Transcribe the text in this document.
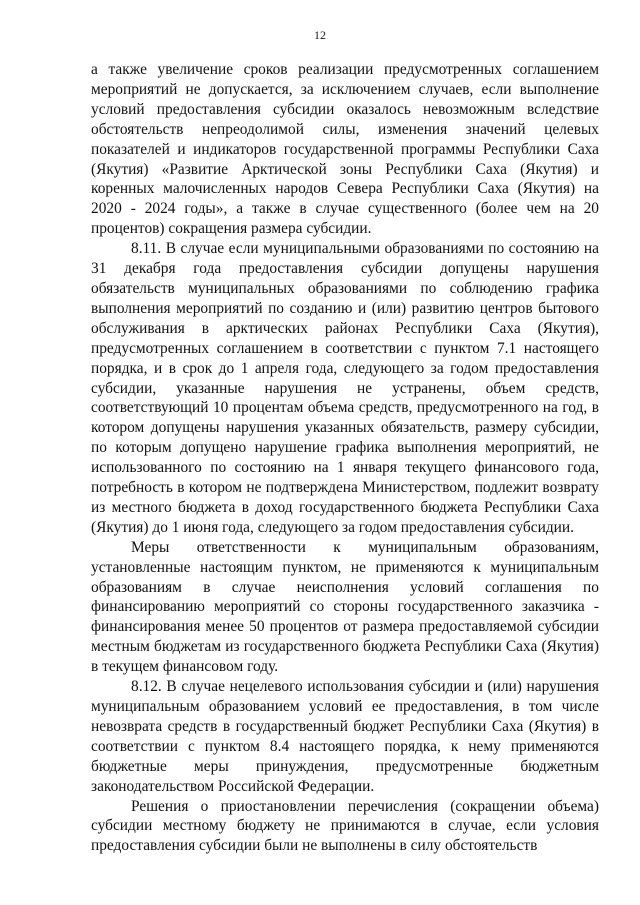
12

а также увеличение сроков реализации предусмотренных соглашением мероприятий не допускается, за исключением случаев, если выполнение условий предоставления субсидии оказалось невозможным вследствие обстоятельств непреодолимой силы, изменения значений целевых показателей и индикаторов государственной программы Республики Саха (Якутия) «Развитие Арктической зоны Республики Саха (Якутия) и коренных малочисленных народов Севера Республики Саха (Якутия) на 2020 - 2024 годы», а также в случае существенного (более чем на 20 процентов) сокращения размера субсидии.

8.11. В случае если муниципальными образованиями по состоянию на 31 декабря года предоставления субсидии допущены нарушения обязательств муниципальных образованиями по соблюдению графика выполнения мероприятий по созданию и (или) развитию центров бытового обслуживания в арктических районах Республики Саха (Якутия), предусмотренных соглашением в соответствии с пунктом 7.1 настоящего порядка, и в срок до 1 апреля года, следующего за годом предоставления субсидии, указанные нарушения не устранены, объем средств, соответствующий 10 процентам объема средств, предусмотренного на год, в котором допущены нарушения указанных обязательств, размеру субсидии, по которым допущено нарушение графика выполнения мероприятий, не использованного по состоянию на 1 января текущего финансового года, потребность в котором не подтверждена Министерством, подлежит возврату из местного бюджета в доход государственного бюджета Республики Саха (Якутия) до 1 июня года, следующего за годом предоставления субсидии.

Меры ответственности к муниципальным образованиям, установленные настоящим пунктом, не применяются к муниципальным образованиям в случае неисполнения условий соглашения по финансированию мероприятий со стороны государственного заказчика - финансирования менее 50 процентов от размера предоставляемой субсидии местным бюджетам из государственного бюджета Республики Саха (Якутия) в текущем финансовом году.

8.12. В случае нецелевого использования субсидии и (или) нарушения муниципальным образованием условий ее предоставления, в том числе невозврата средств в государственный бюджет Республики Саха (Якутия) в соответствии с пунктом 8.4 настоящего порядка, к нему применяются бюджетные меры принуждения, предусмотренные бюджетным законодательством Российской Федерации.

Решения о приостановлении перечисления (сокращении объема) субсидии местному бюджету не принимаются в случае, если условия предоставления субсидии были не выполнены в силу обстоятельств
